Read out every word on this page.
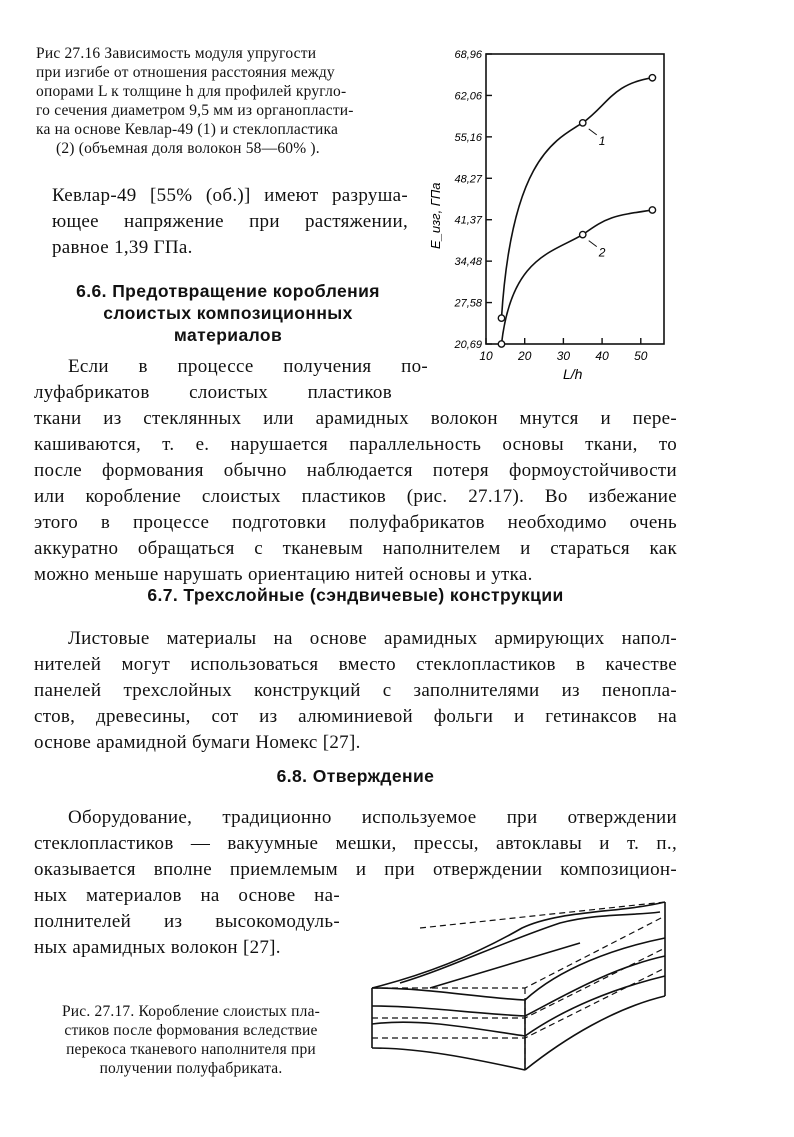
Рис 27.16 Зависимость модуля упругости
при изгибе от отношения расстояния между
опорами L к толщине h для профилей кругло-
го сечения диаметром 9,5 мм из органопласти-
ка на основе Кевлар-49 (1) и стеклопластика
(2) (объемная доля волокон 58—60% ).
20,69
27,58
34,48
41,37
48,27
55,16
62,06
68,96
10 20 30 40 50
1
2
E_изг, ГПа
L/h
Кевлар-49 [55% (об.)] имеют разруша-
ющее напряжение при растяжении,
равное 1,39 ГПа.
6.6. Предотвращение коробления
слоистых композиционных
материалов
Если в процессе получения по-
луфабрикатов слоистых пластиков
ткани из стеклянных или арамидных волокон мнутся и пере-
кашиваются, т. е. нарушается параллельность основы ткани, то
после формования обычно наблюдается потеря формоустойчивости
или коробление слоистых пластиков (рис. 27.17). Во избежание
этого в процессе подготовки полуфабрикатов необходимо очень
аккуратно обращаться с тканевым наполнителем и стараться как
можно меньше нарушать ориентацию нитей основы и утка.
6.7. Трехслойные (сэндвичевые) конструкции
Листовые материалы на основе арамидных армирующих напол-
нителей могут использоваться вместо стеклопластиков в качестве
панелей трехслойных конструкций с заполнителями из пенопла-
стов, древесины, сот из алюминиевой фольги и гетинаксов на
основе арамидной бумаги Номекс [27].
6.8. Отверждение
Оборудование, традиционно используемое при отверждении
стеклопластиков — вакуумные мешки, прессы, автоклавы и т. п.,
оказывается вполне приемлемым и при отверждении композицион-
ных материалов на основе на-
полнителей из высокомодуль-
ных арамидных волокон [27].
Рис. 27.17. Коробление слоистых пла-
стиков после формования вследствие
перекоса тканевого наполнителя при
получении полуфабриката.
